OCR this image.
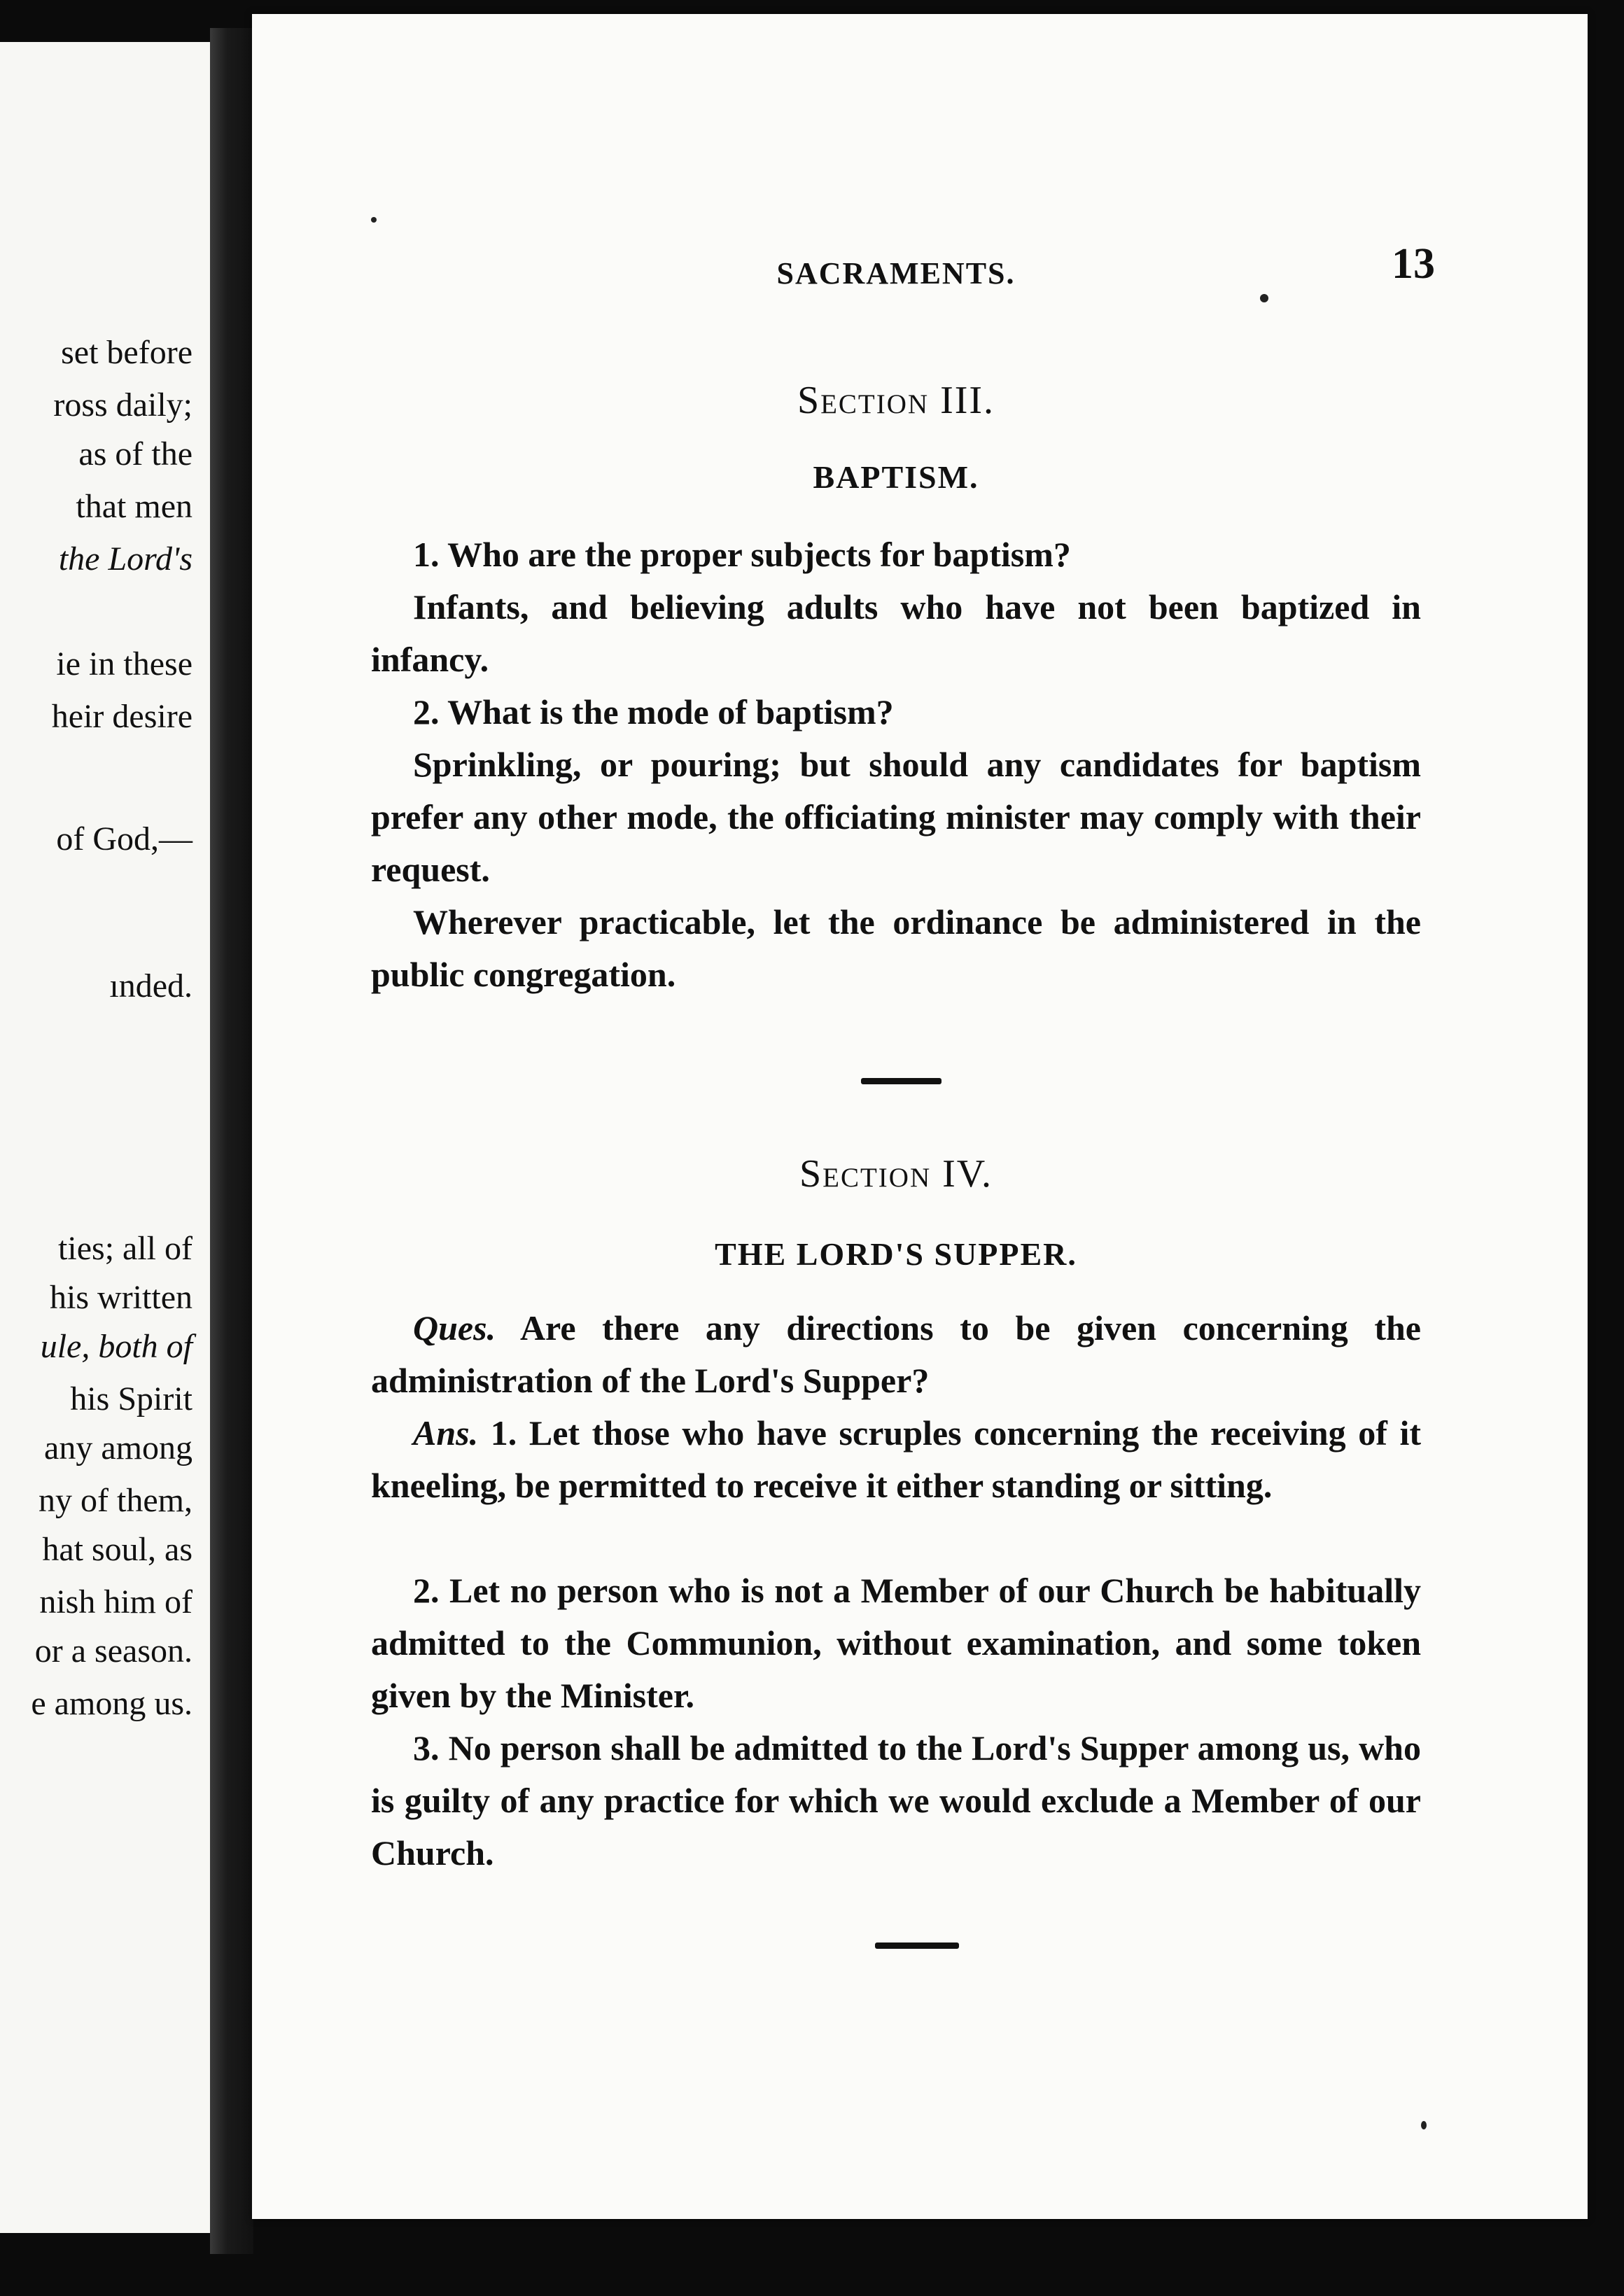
set before
ross daily;
as of the
that men
the Lord's
ie in these
heir desire
of God,—
ınded.
ties; all of
his written
ule, both of
his Spirit
any among
ny of them,
hat soul, as
nish him of
or a season.
e among us.
SACRAMENTS.	13
Section III.
BAPTISM.

1. Who are the proper subjects for baptism?

Infants, and believing adults who have not been baptized in infancy.

2. What is the mode of baptism?

Sprinkling, or pouring; but should any candidates for baptism prefer any other mode, the officiating minister may comply with their request.

Wherever practicable, let the ordinance be administered in the public congregation.

Section IV.
THE LORD'S SUPPER.

Ques. Are there any directions to be given concerning the administration of the Lord's Supper?

Ans. 1. Let those who have scruples concerning the receiving of it kneeling, be permitted to receive it either standing or sitting.

2. Let no person who is not a Member of our Church be habitually admitted to the Communion, without examination, and some token given by the Minister.

3. No person shall be admitted to the Lord's Supper among us, who is guilty of any practice for which we would exclude a Member of our Church.
